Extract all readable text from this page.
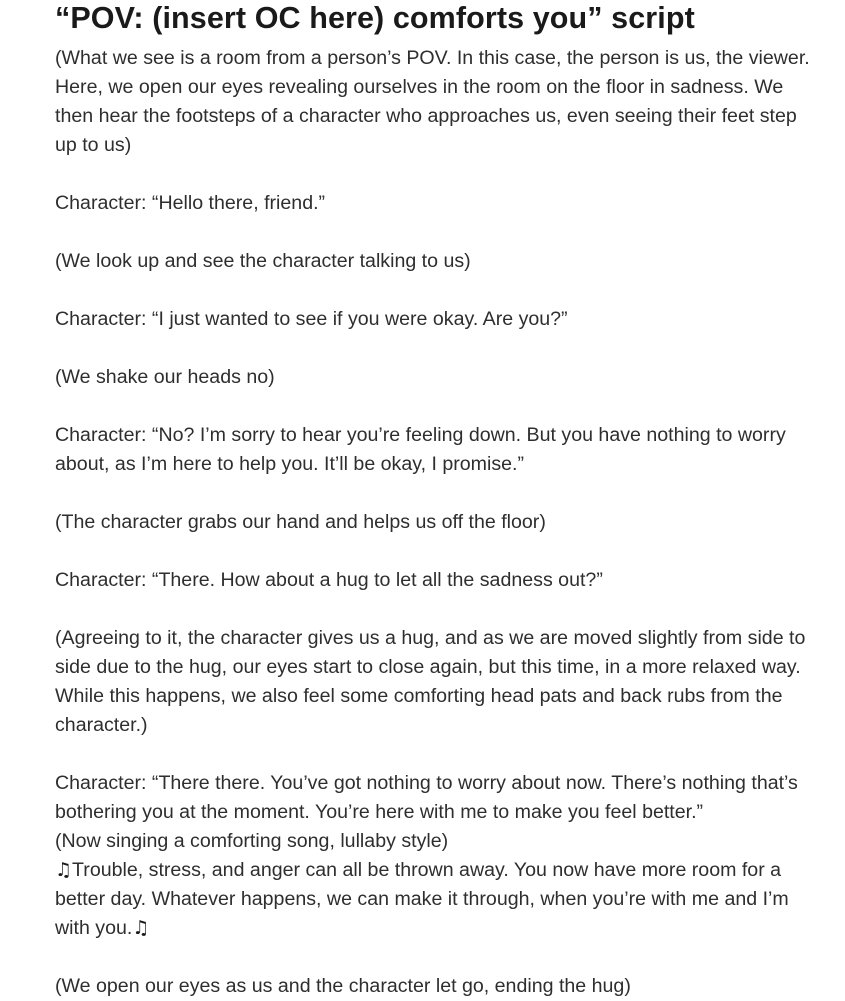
“POV: (insert OC here) comforts you” script

(What we see is a room from a person’s POV. In this case, the person is us, the viewer. Here, we open our eyes revealing ourselves in the room on the floor in sadness. We then hear the footsteps of a character who approaches us, even seeing their feet step up to us)

Character: “Hello there, friend.”

(We look up and see the character talking to us)

Character: “I just wanted to see if you were okay. Are you?”

(We shake our heads no)

Character: “No? I’m sorry to hear you’re feeling down. But you have nothing to worry about, as I’m here to help you. It’ll be okay, I promise.”

(The character grabs our hand and helps us off the floor)

Character: “There. How about a hug to let all the sadness out?”

(Agreeing to it, the character gives us a hug, and as we are moved slightly from side to side due to the hug, our eyes start to close again, but this time, in a more relaxed way. While this happens, we also feel some comforting head pats and back rubs from the character.)

Character: “There there. You’ve got nothing to worry about now. There’s nothing that’s bothering you at the moment. You’re here with me to make you feel better.”

(Now singing a comforting song, lullaby style)

♫Trouble, stress, and anger can all be thrown away. You now have more room for a better day. Whatever happens, we can make it through, when you’re with me and I’m with you.♫

(We open our eyes as us and the character let go, ending the hug)
